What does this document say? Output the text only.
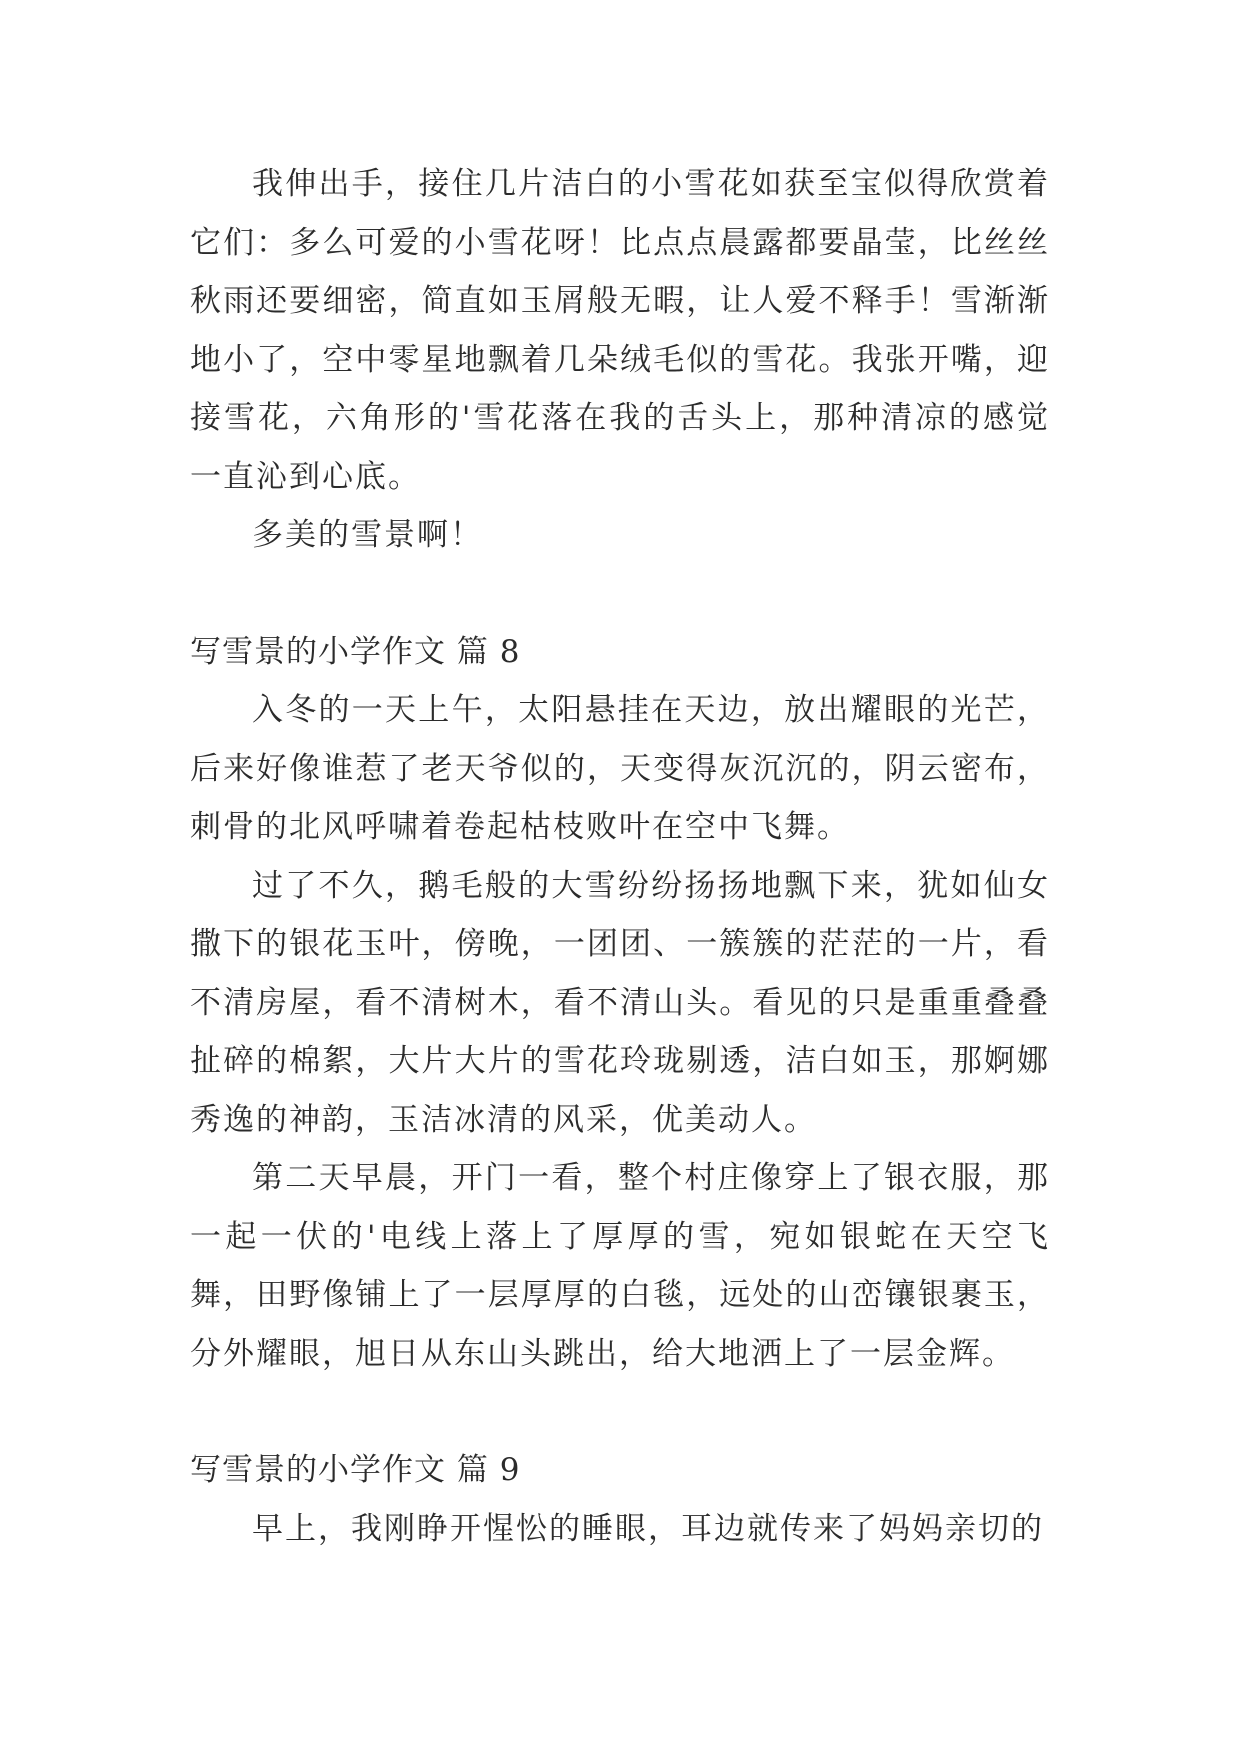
我伸出手，接住几片洁白的小雪花如获至宝似得欣赏着它们：多么可爱的小雪花呀！比点点晨露都要晶莹，比丝丝秋雨还要细密，简直如玉屑般无暇，让人爱不释手！雪渐渐地小了，空中零星地飘着几朵绒毛似的雪花。我张开嘴，迎接雪花，六角形的'雪花落在我的舌头上，那种清凉的感觉一直沁到心底。

多美的雪景啊！

写雪景的小学作文 篇 8

入冬的一天上午，太阳悬挂在天边，放出耀眼的光芒，后来好像谁惹了老天爷似的，天变得灰沉沉的，阴云密布，刺骨的北风呼啸着卷起枯枝败叶在空中飞舞。

过了不久，鹅毛般的大雪纷纷扬扬地飘下来，犹如仙女撒下的银花玉叶，傍晚，一团团、一簇簇的茫茫的一片，看不清房屋，看不清树木，看不清山头。看见的只是重重叠叠扯碎的棉絮，大片大片的雪花玲珑剔透，洁白如玉，那婀娜秀逸的神韵，玉洁冰清的风采，优美动人。

第二天早晨，开门一看，整个村庄像穿上了银衣服，那一起一伏的'电线上落上了厚厚的雪，宛如银蛇在天空飞舞，田野像铺上了一层厚厚的白毯，远处的山峦镶银裹玉，分外耀眼，旭日从东山头跳出，给大地洒上了一层金辉。

写雪景的小学作文 篇 9

早上，我刚睁开惺忪的睡眼，耳边就传来了妈妈亲切的
